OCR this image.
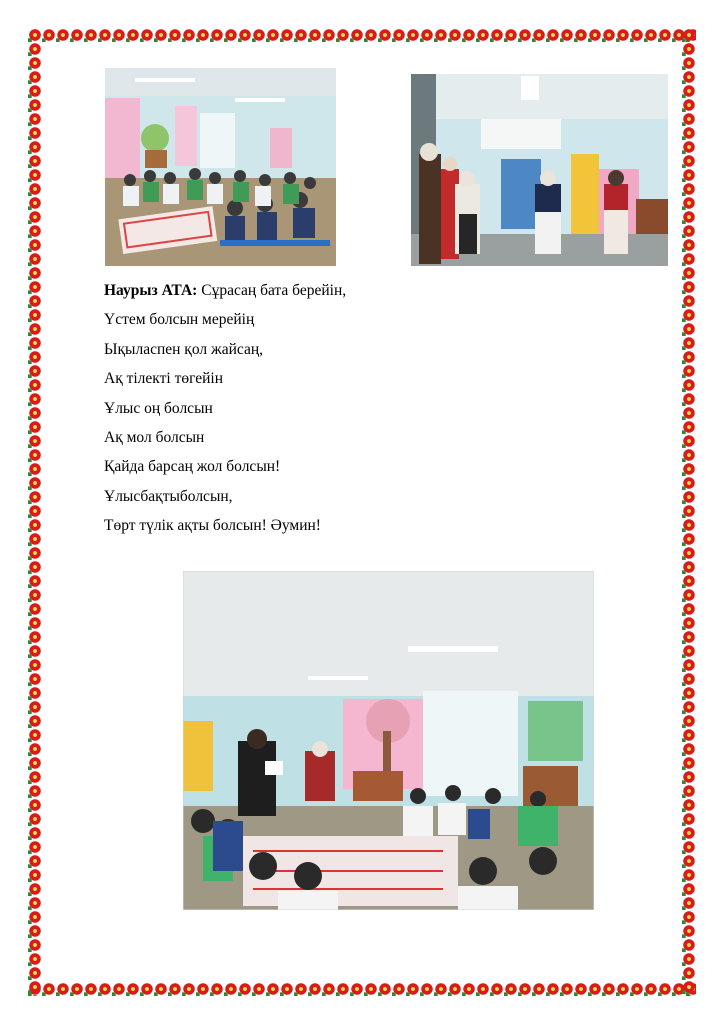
Наурыз АТА: Сұрасаң бата берейін,
Үстем болсын мерейің
Ықыласпен қол жайсаң,
Ақ тілекті төгейін
Ұлыс оң болсын
Ақ мол болсын
Қайда барсаң жол болсын!
Ұлысбақтыболсын,
Төрт түлік ақты болсын! Әумин!
